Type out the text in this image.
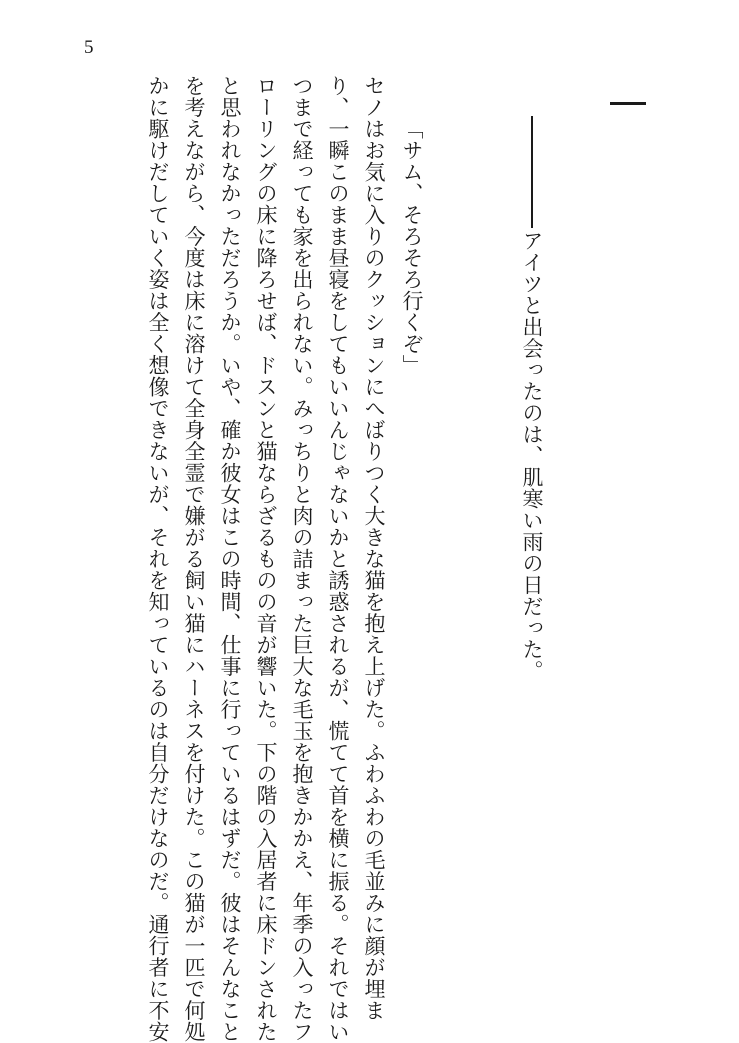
5
アイツと出会ったのは、肌寒い雨の日だった。
「サム、そろそろ行くぞ」
セノはお気に入りのクッションにへばりつく大きな猫を抱え上げた。ふわふわの毛並みに顔が埋ま
り、一瞬このまま昼寝をしてもいいんじゃないかと誘惑されるが、慌てて首を横に振る。それではい
つまで経っても家を出られない。みっちりと肉の詰まった巨大な毛玉を抱きかかえ、年季の入ったフ
ローリングの床に降ろせば、ドスンと猫ならざるものの音が響いた。下の階の入居者に床ドンされた
と思われなかっただろうか。いや、確か彼女はこの時間、仕事に行っているはずだ。彼はそんなこと
を考えながら、今度は床に溶けて全身全霊で嫌がる飼い猫にハーネスを付けた。この猫が一匹で何処
かに駆けだしていく姿は全く想像できないが、それを知っているのは自分だけなのだ。通行者に不安
